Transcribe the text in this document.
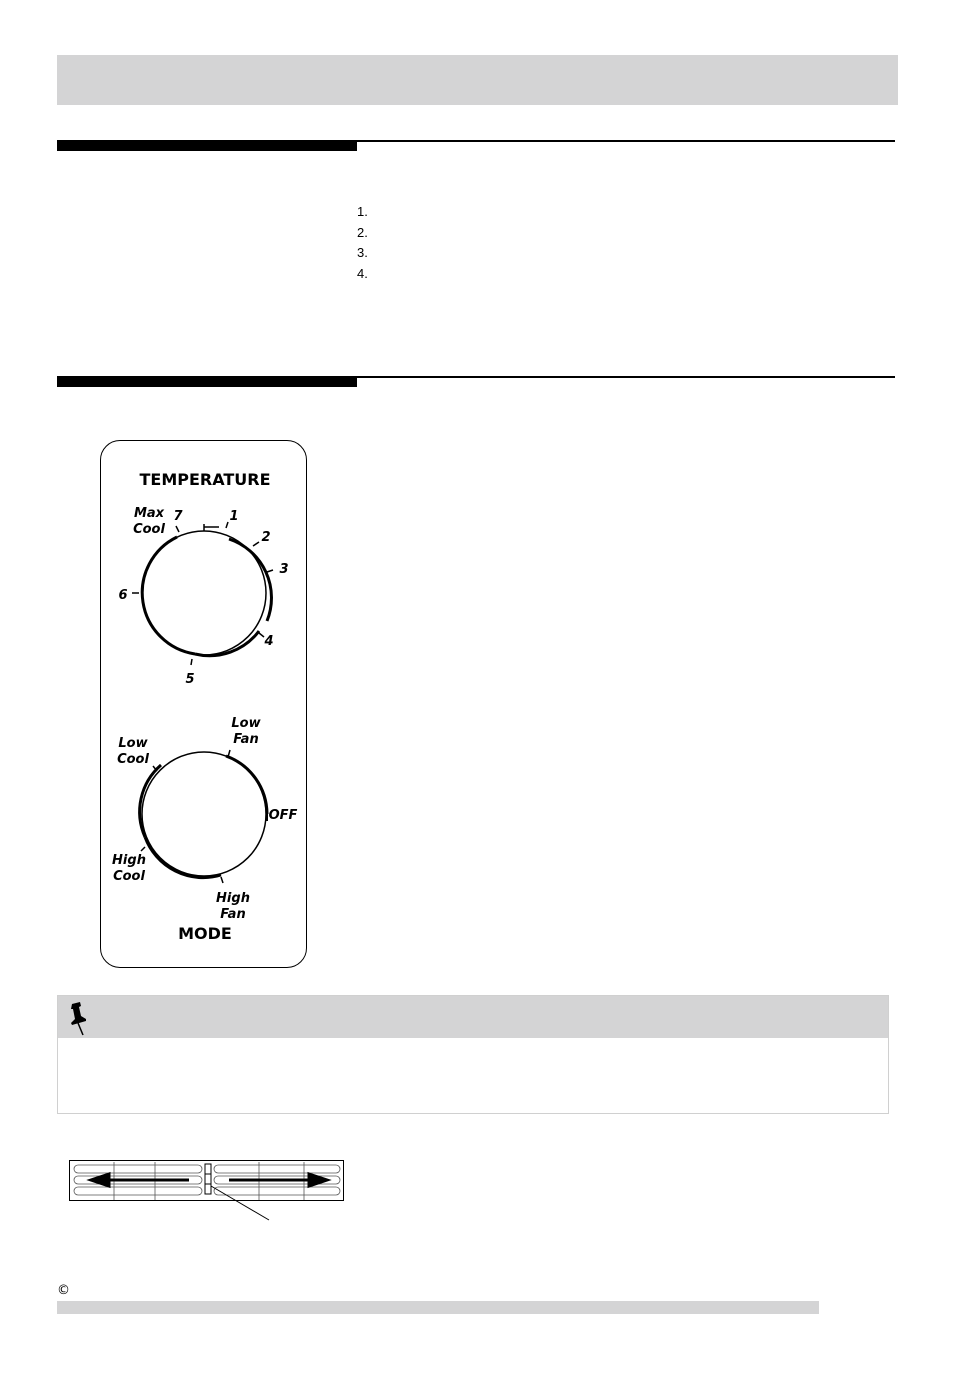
1.
2.
3.
4.
TEMPERATURE
1
2
3
4
5
6
7
Max
Cool
Low
Fan
Low
Cool
OFF
High
Cool
High
Fan
MODE
©
